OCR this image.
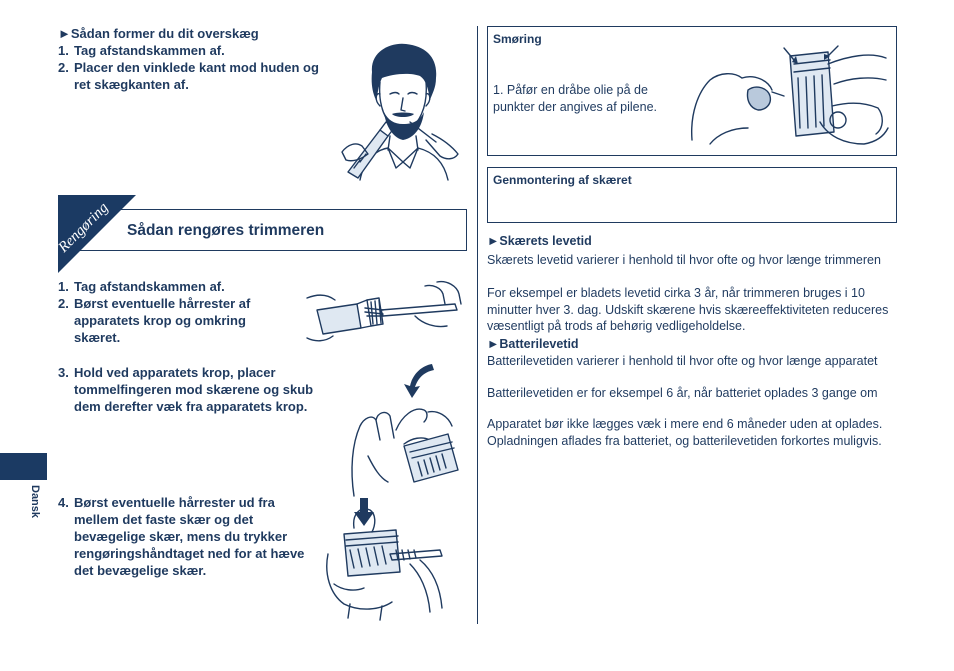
►Sådan former du dit overskæg
1. Tag afstandskammen af.
2. Placer den vinklede kant mod huden og ret skægkanten af.
Rengøring Sådan rengøres trimmeren
1. Tag afstandskammen af.
2. Børst eventuelle hårrester af apparatets krop og omkring skæret.
3. Hold ved apparatets krop, placer tommelfingeren mod skærene og skub dem derefter væk fra apparatets krop.
4. Børst eventuelle hårrester ud fra mellem det faste skær og det bevægelige skær, mens du trykker rengøringshåndtaget ned for at hæve det bevægelige skær.
Dansk
Smøring
1. Påfør en dråbe olie på de punkter der angives af pilene.
Genmontering af skæret
►Skærets levetid
Skærets levetid varierer i henhold til hvor ofte og hvor længe trimmeren
For eksempel er bladets levetid cirka 3 år, når trimmeren bruges i 10 minutter hver 3. dag. Udskift skærene hvis skæreeffektiviteten reduceres væsentligt på trods af behørig vedligeholdelse.
►Batterilevetid
Batterilevetiden varierer i henhold til hvor ofte og hvor længe apparatet
Batterilevetiden er for eksempel 6 år, når batteriet oplades 3 gange om
Apparatet bør ikke lægges væk i mere end 6 måneder uden at oplades. Opladningen aflades fra batteriet, og batterilevetiden forkortes muligvis.
